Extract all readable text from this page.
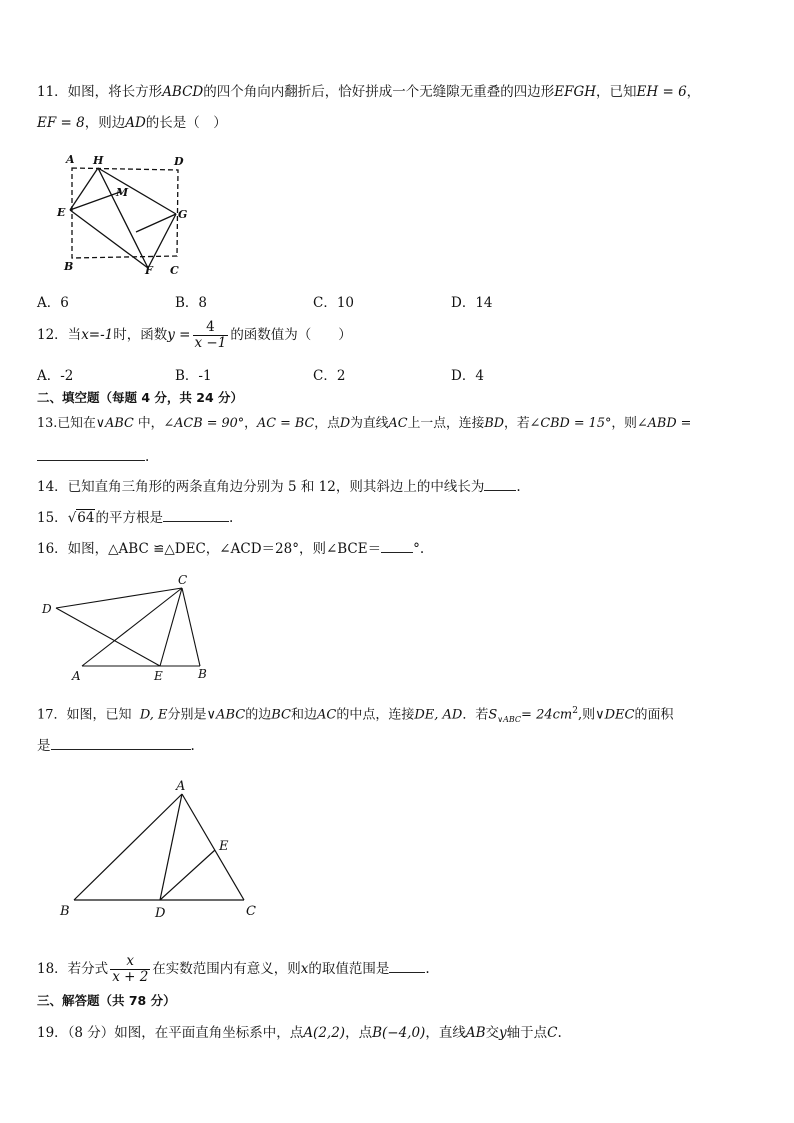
11．如图，将长方形ABCD的四个角向内翻折后，恰好拼成一个无缝隙无重叠的四边形EFGH，已知EH = 6，
EF = 8，则边AD的长是（　）
A H	D
M
E	G
B	F C
A．6	B．8	C．10	D．14
12．当x=-1时，函数$y = \frac{4}{x -1}$ 的函数值为（　　）
A．-2	B．-1	C．2	D．4
二、填空题（每题 4 分，共 24 分）
13.已知在∨ABC 中，∠ACB = 90°，AC = BC，点D为直线AC上一点，连接BD，若∠CBD = 15°，则∠ABD =
.
14．已知直角三角形的两条直角边分别为 5 和 12，则其斜边上的中线长为 .
15．√64的平方根是	.
16．如图，△ABC ≌△DEC，∠ACD＝28°，则∠BCE＝ °.
C
D
A	E	B
17．如图，已知 D, E分别是∨ABC的边BC和边AC的中点，连接DE, AD．若$S_{\vee ABC}= 24cm^2$,则∨DEC的面积
是	.
A
E
B	D	C
18．若分式 $\frac{x}{x + 2}$ 在实数范围内有意义，则x的取值范围是	.
三、解答题（共 78 分）
19．（8 分）如图，在平面直角坐标系中，点A(2,2)，点B(−4,0)，直线AB交y轴于点C.
